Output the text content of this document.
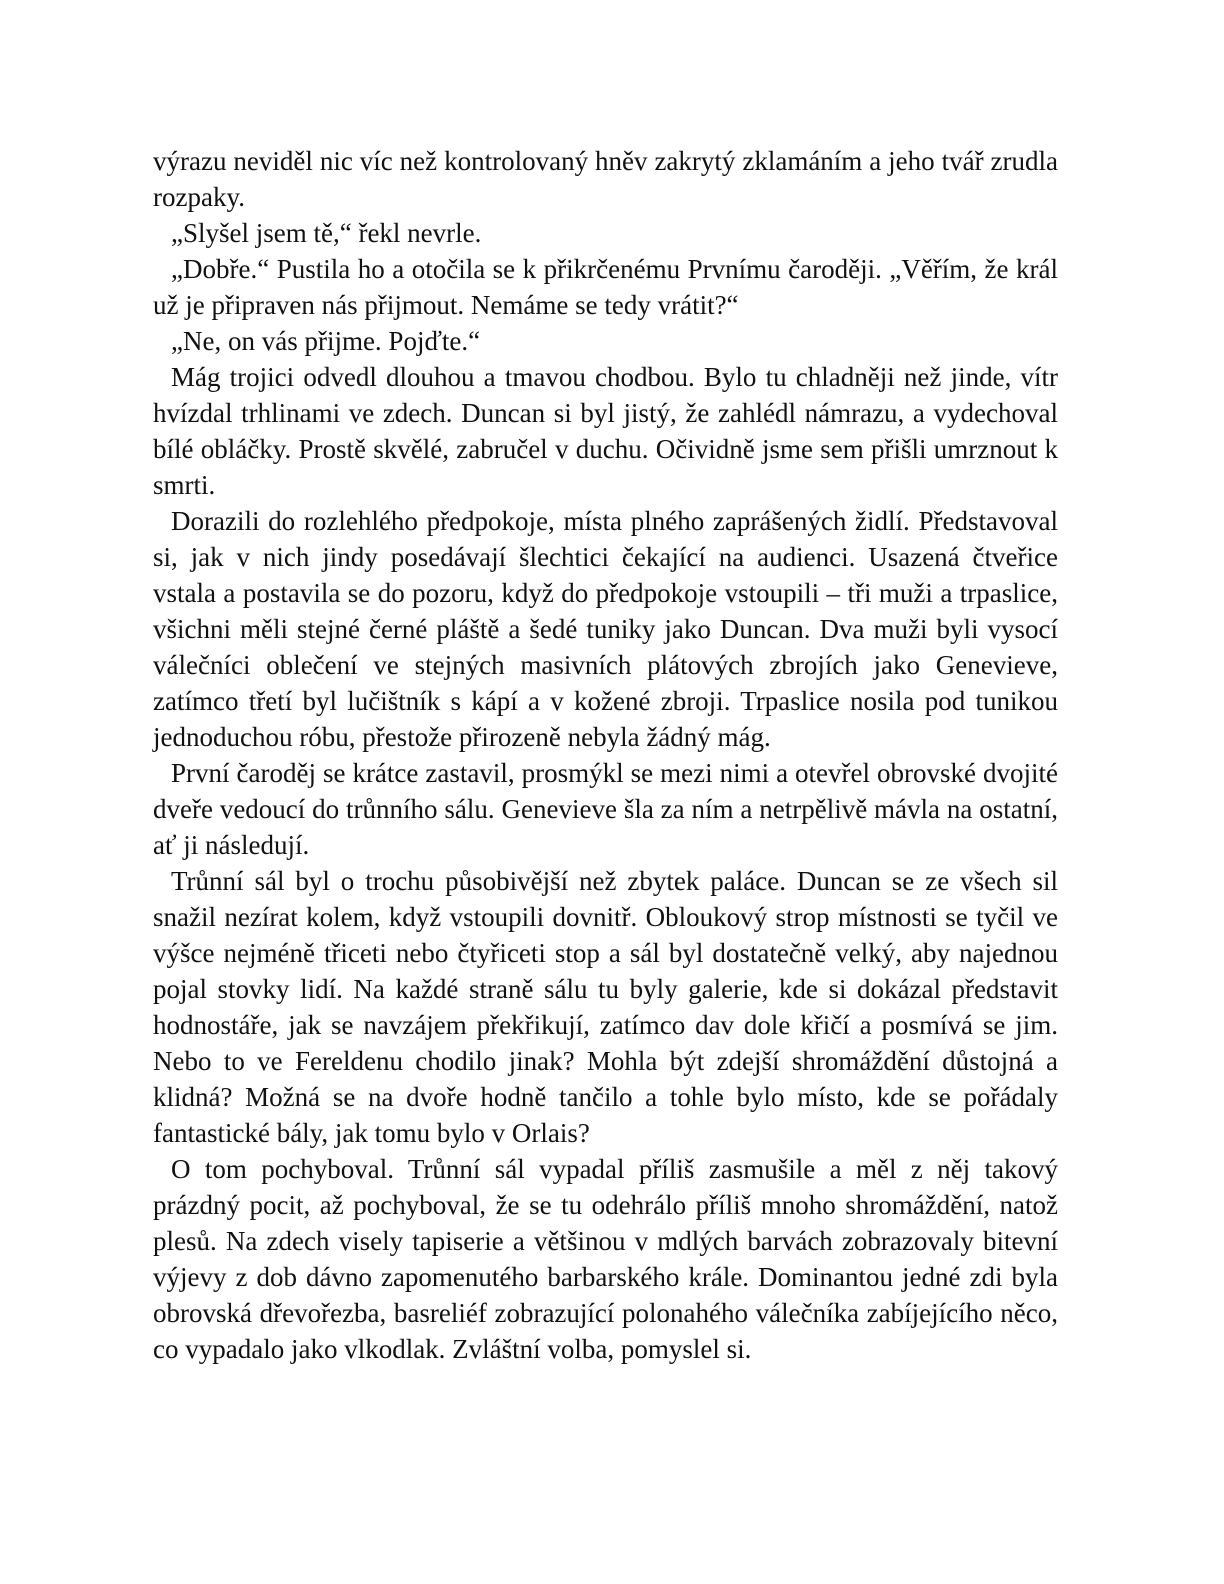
výrazu neviděl nic víc než kontrolovaný hněv zakrytý zklamáním a jeho tvář zrudla rozpaky.

„Slyšel jsem tě,“ řekl nevrle.

„Dobře.“ Pustila ho a otočila se k přikrčenému Prvnímu čaroději. „Věřím, že král už je připraven nás přijmout. Nemáme se tedy vrátit?“

„Ne, on vás přijme. Pojďte.“

Mág trojici odvedl dlouhou a tmavou chodbou. Bylo tu chladněji než jinde, vítr hvízdal trhlinami ve zdech. Duncan si byl jistý, že zahlédl námrazu, a vydechoval bílé obláčky. Prostě skvělé, zabručel v duchu. Očividně jsme sem přišli umrznout k smrti.

Dorazili do rozlehlého předpokoje, místa plného zaprášených židlí. Představoval si, jak v nich jindy posedávají šlechtici čekající na audienci. Usazená čtveřice vstala a postavila se do pozoru, když do předpokoje vstoupili – tři muži a trpaslice, všichni měli stejné černé pláště a šedé tuniky jako Duncan. Dva muži byli vysocí válečníci oblečení ve stejných masivních plátových zbrojích jako Genevieve, zatímco třetí byl lučištník s kápí a v kožené zbroji. Trpaslice nosila pod tunikou jednoduchou róbu, přestože přirozeně nebyla žádný mág.

První čaroděj se krátce zastavil, prosmýkl se mezi nimi a otevřel obrovské dvojité dveře vedoucí do trůnního sálu. Genevieve šla za ním a netrpělivě mávla na ostatní, ať ji následují.

Trůnní sál byl o trochu působivější než zbytek paláce. Duncan se ze všech sil snažil nezírat kolem, když vstoupili dovnitř. Obloukový strop místnosti se tyčil ve výšce nejméně třiceti nebo čtyřiceti stop a sál byl dostatečně velký, aby najednou pojal stovky lidí. Na každé straně sálu tu byly galerie, kde si dokázal představit hodnostáře, jak se navzájem překřikují, zatímco dav dole křičí a posmívá se jim. Nebo to ve Fereldenu chodilo jinak? Mohla být zdejší shromáždění důstojná a klidná? Možná se na dvoře hodně tančilo a tohle bylo místo, kde se pořádaly fantastické bály, jak tomu bylo v Orlais?

O tom pochyboval. Trůnní sál vypadal příliš zasmušile a měl z něj takový prázdný pocit, až pochyboval, že se tu odehrálo příliš mnoho shromáždění, natož plesů. Na zdech visely tapiserie a většinou v mdlých barvách zobrazovaly bitevní výjevy z dob dávno zapomenutého barbarského krále. Dominantou jedné zdi byla obrovská dřevořezba, basreliéf zobrazující polonahého válečníka zabíjejícího něco, co vypadalo jako vlkodlak. Zvláštní volba, pomyslel si.
